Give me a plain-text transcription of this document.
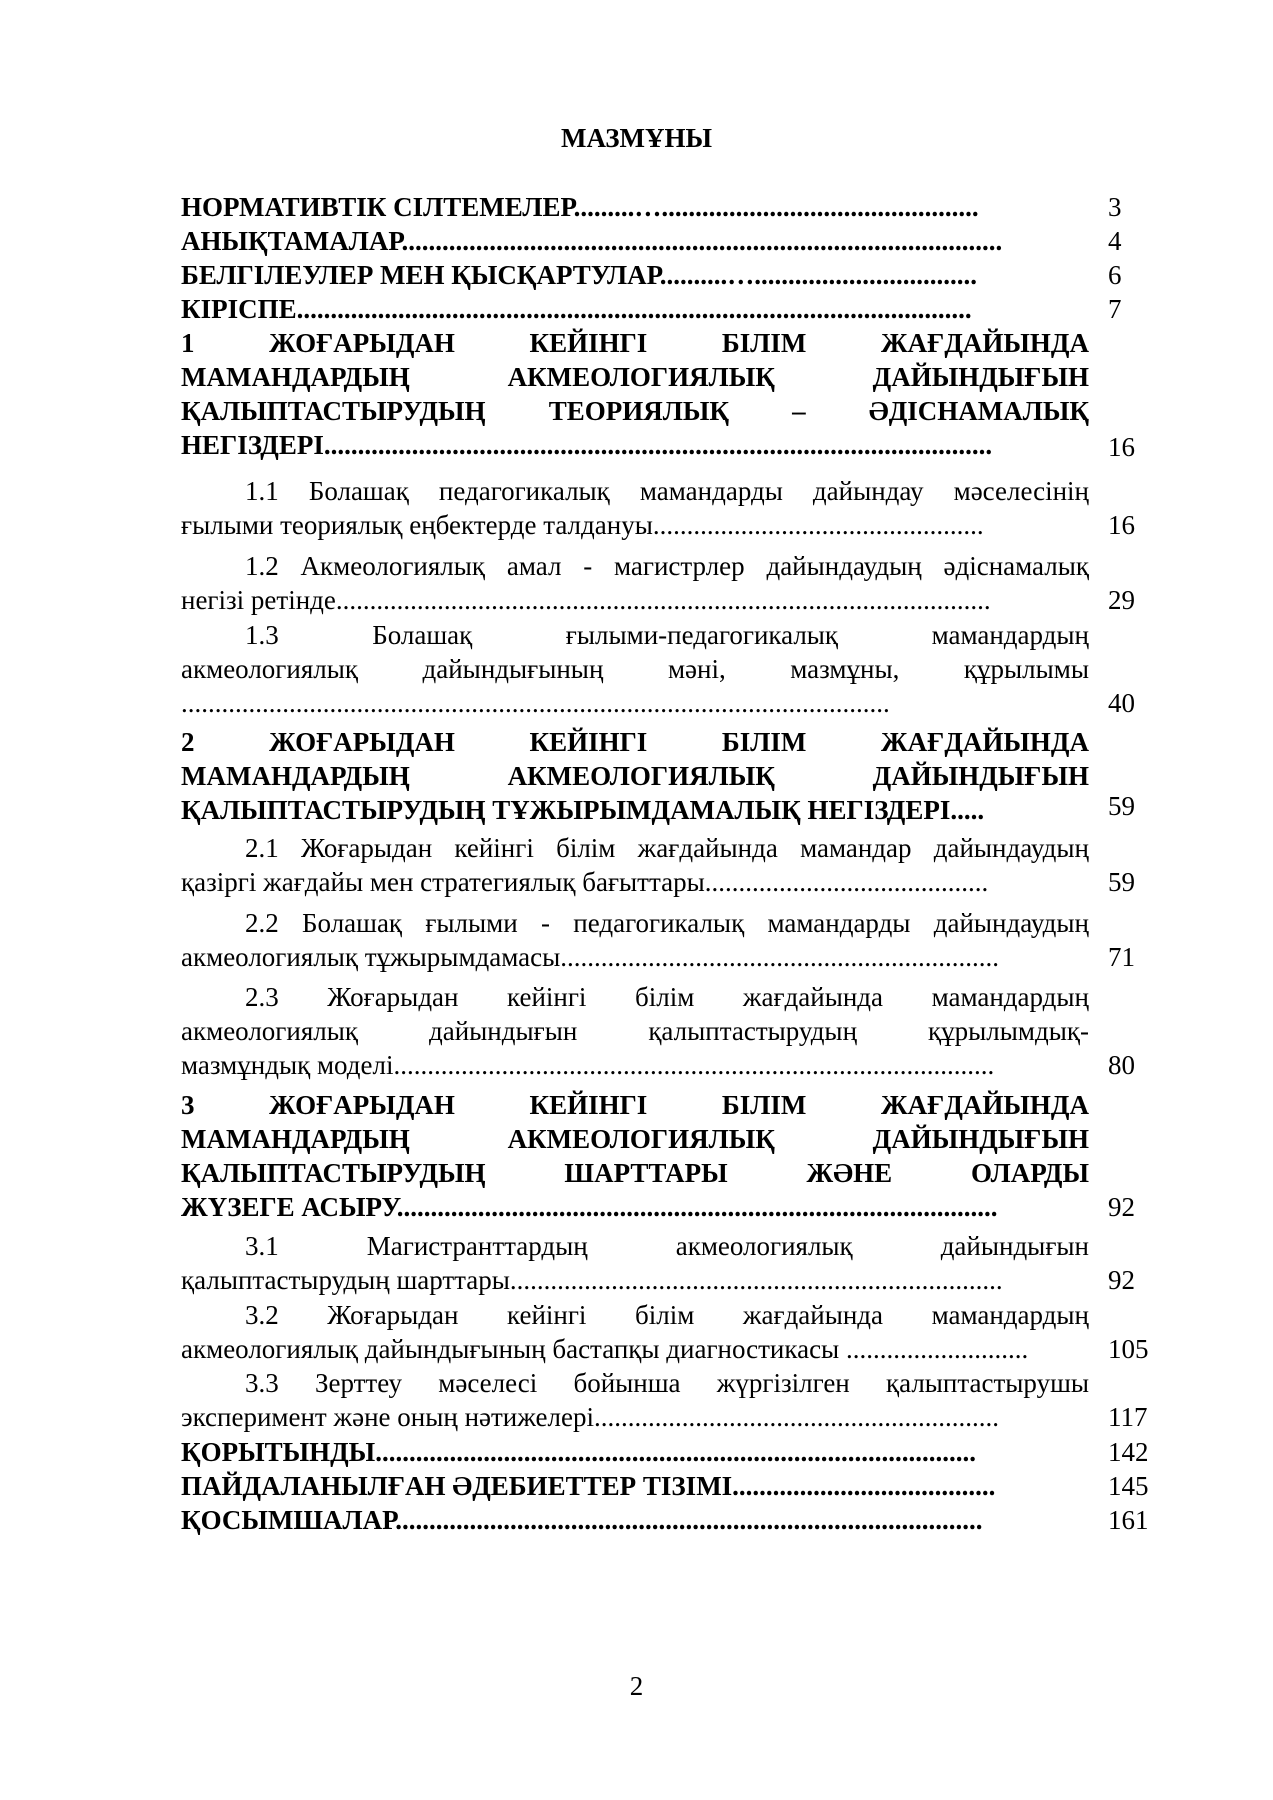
МАЗМҰНЫ
НОРМАТИВТІК СІЛТЕМЕЛЕР.........…...............................................
АНЫҚТАМАЛАР.........................................................................................
БЕЛГІЛЕУЛЕР МЕН ҚЫСҚАРТУЛАР..........….................................
КІРІСПЕ....................................................................................................
1 ЖОҒАРЫДАН КЕЙІНГІ БІЛІМ ЖАҒДАЙЫНДА
МАМАНДАРДЫҢ АКМЕОЛОГИЯЛЫҚ ДАЙЫНДЫҒЫН
ҚАЛЫПТАСТЫРУДЫҢ ТЕОРИЯЛЫҚ – ӘДІСНАМАЛЫҚ
НЕГІЗДЕРІ...................................................................................................
1.1 Болашақ педагогикалық мамандарды дайындау мәселесінің
ғылыми теориялық еңбектерде талдануы.................................................
1.2 Акмеологиялық амал - магистрлер дайындаудың әдіснамалық
негізі ретінде.................................................................................................
1.3 Болашақ ғылыми-педагогикалық мамандардың
акмеологиялық дайындығының мәні, мазмұны, құрылымы
.........................................................................................................
2 ЖОҒАРЫДАН КЕЙІНГІ БІЛІМ ЖАҒДАЙЫНДА
МАМАНДАРДЫҢ АКМЕОЛОГИЯЛЫҚ ДАЙЫНДЫҒЫН
ҚАЛЫПТАСТЫРУДЫҢ ТҰЖЫРЫМДАМАЛЫҚ НЕГІЗДЕРІ.....
2.1 Жоғарыдан кейінгі білім жағдайында мамандар дайындаудың
қазіргі жағдайы мен стратегиялық бағыттары..........................................
2.2 Болашақ ғылыми - педагогикалық мамандарды дайындаудың
акмеологиялық тұжырымдамасы.................................................................
2.3 Жоғарыдан кейінгі білім жағдайында мамандардың
акмеологиялық дайындығын қалыптастырудың құрылымдық-
мазмұндық моделі.........................................................................................
3 ЖОҒАРЫДАН КЕЙІНГІ БІЛІМ ЖАҒДАЙЫНДА
МАМАНДАРДЫҢ АКМЕОЛОГИЯЛЫҚ ДАЙЫНДЫҒЫН
ҚАЛЫПТАСТЫРУДЫҢ ШАРТТАРЫ ЖӘНЕ ОЛАРДЫ
ЖҮЗЕГЕ АСЫРУ.........................................................................................
3.1 Магистранттардың акмеологиялық дайындығын
қалыптастырудың шарттары.........................................................................
3.2 Жоғарыдан кейінгі білім жағдайында мамандардың
акмеологиялық дайындығының бастапқы диагностикасы ...........................
3.3 Зерттеу мәселесі бойынша жүргізілген қалыптастырушы
эксперимент және оның нәтижелері............................................................
ҚОРЫТЫНДЫ.........................................................................................
ПАЙДАЛАНЫЛҒАН ӘДЕБИЕТТЕР ТІЗІМІ.......................................
ҚОСЫМШАЛАР.......................................................................................
3
4
6
7
16
16
29
40
59
59
71
80
92
92
105
117
142
145
161
2
